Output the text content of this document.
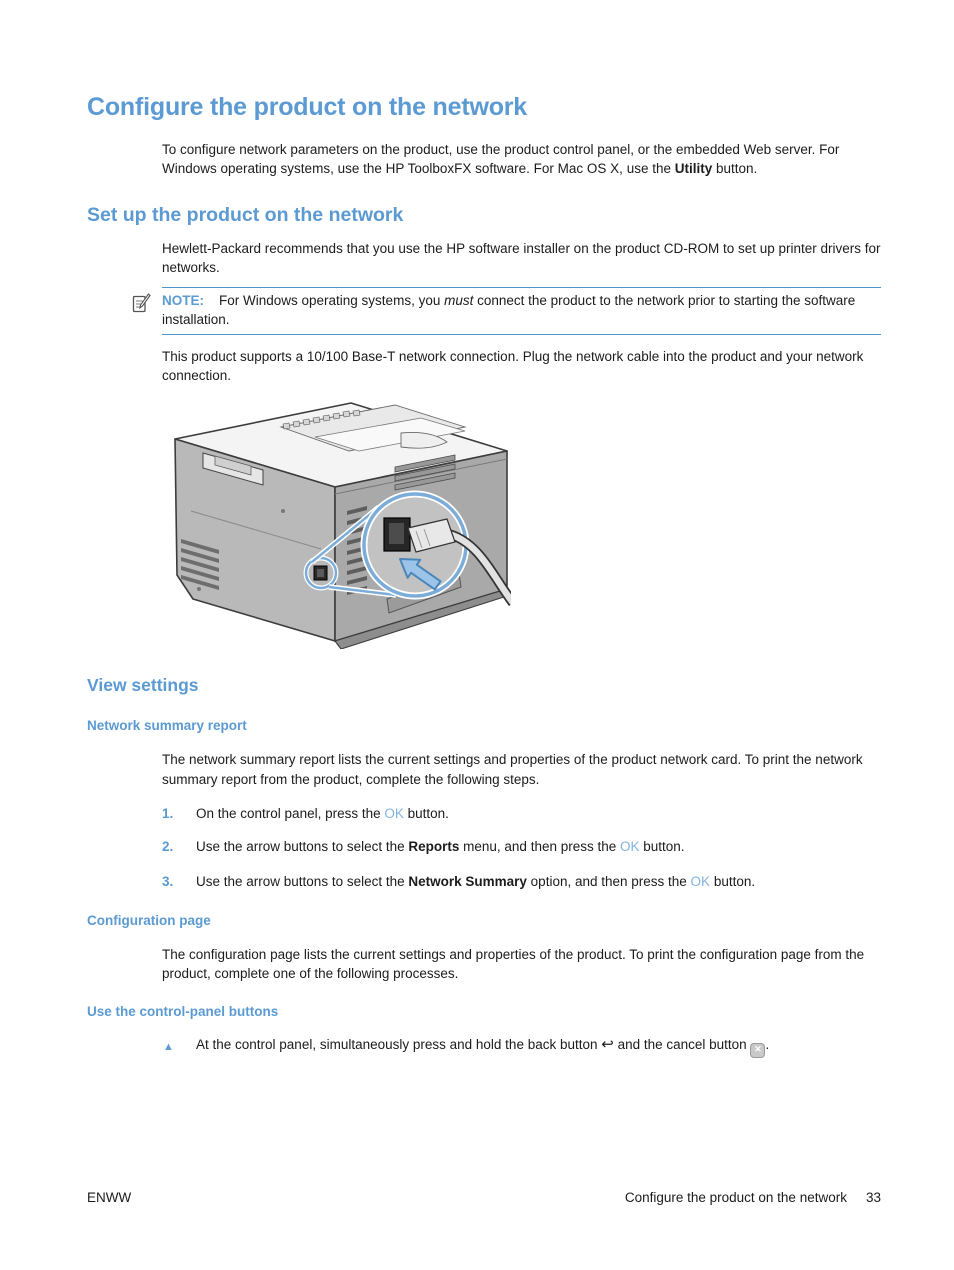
Configure the product on the network

To configure network parameters on the product, use the product control panel, or the embedded Web server. For Windows operating systems, use the HP ToolboxFX software. For Mac OS X, use the Utility button.

Set up the product on the network

Hewlett-Packard recommends that you use the HP software installer on the product CD-ROM to set up printer drivers for networks.

NOTE: For Windows operating systems, you must connect the product to the network prior to starting the software installation.

This product supports a 10/100 Base-T network connection. Plug the network cable into the product and your network connection.

View settings
Network summary report

The network summary report lists the current settings and properties of the product network card. To print the network summary report from the product, complete the following steps.

1.	On the control panel, press the OK button.
2.	Use the arrow buttons to select the Reports menu, and then press the OK button.
3.	Use the arrow buttons to select the Network Summary option, and then press the OK button.
Configuration page

The configuration page lists the current settings and properties of the product. To print the configuration page from the product, complete one of the following processes.

Use the control-panel buttons
▲	At the control panel, simultaneously press and hold the back button ↩ and the cancel button ✕ .
ENWW	Configure the product on the network 33
